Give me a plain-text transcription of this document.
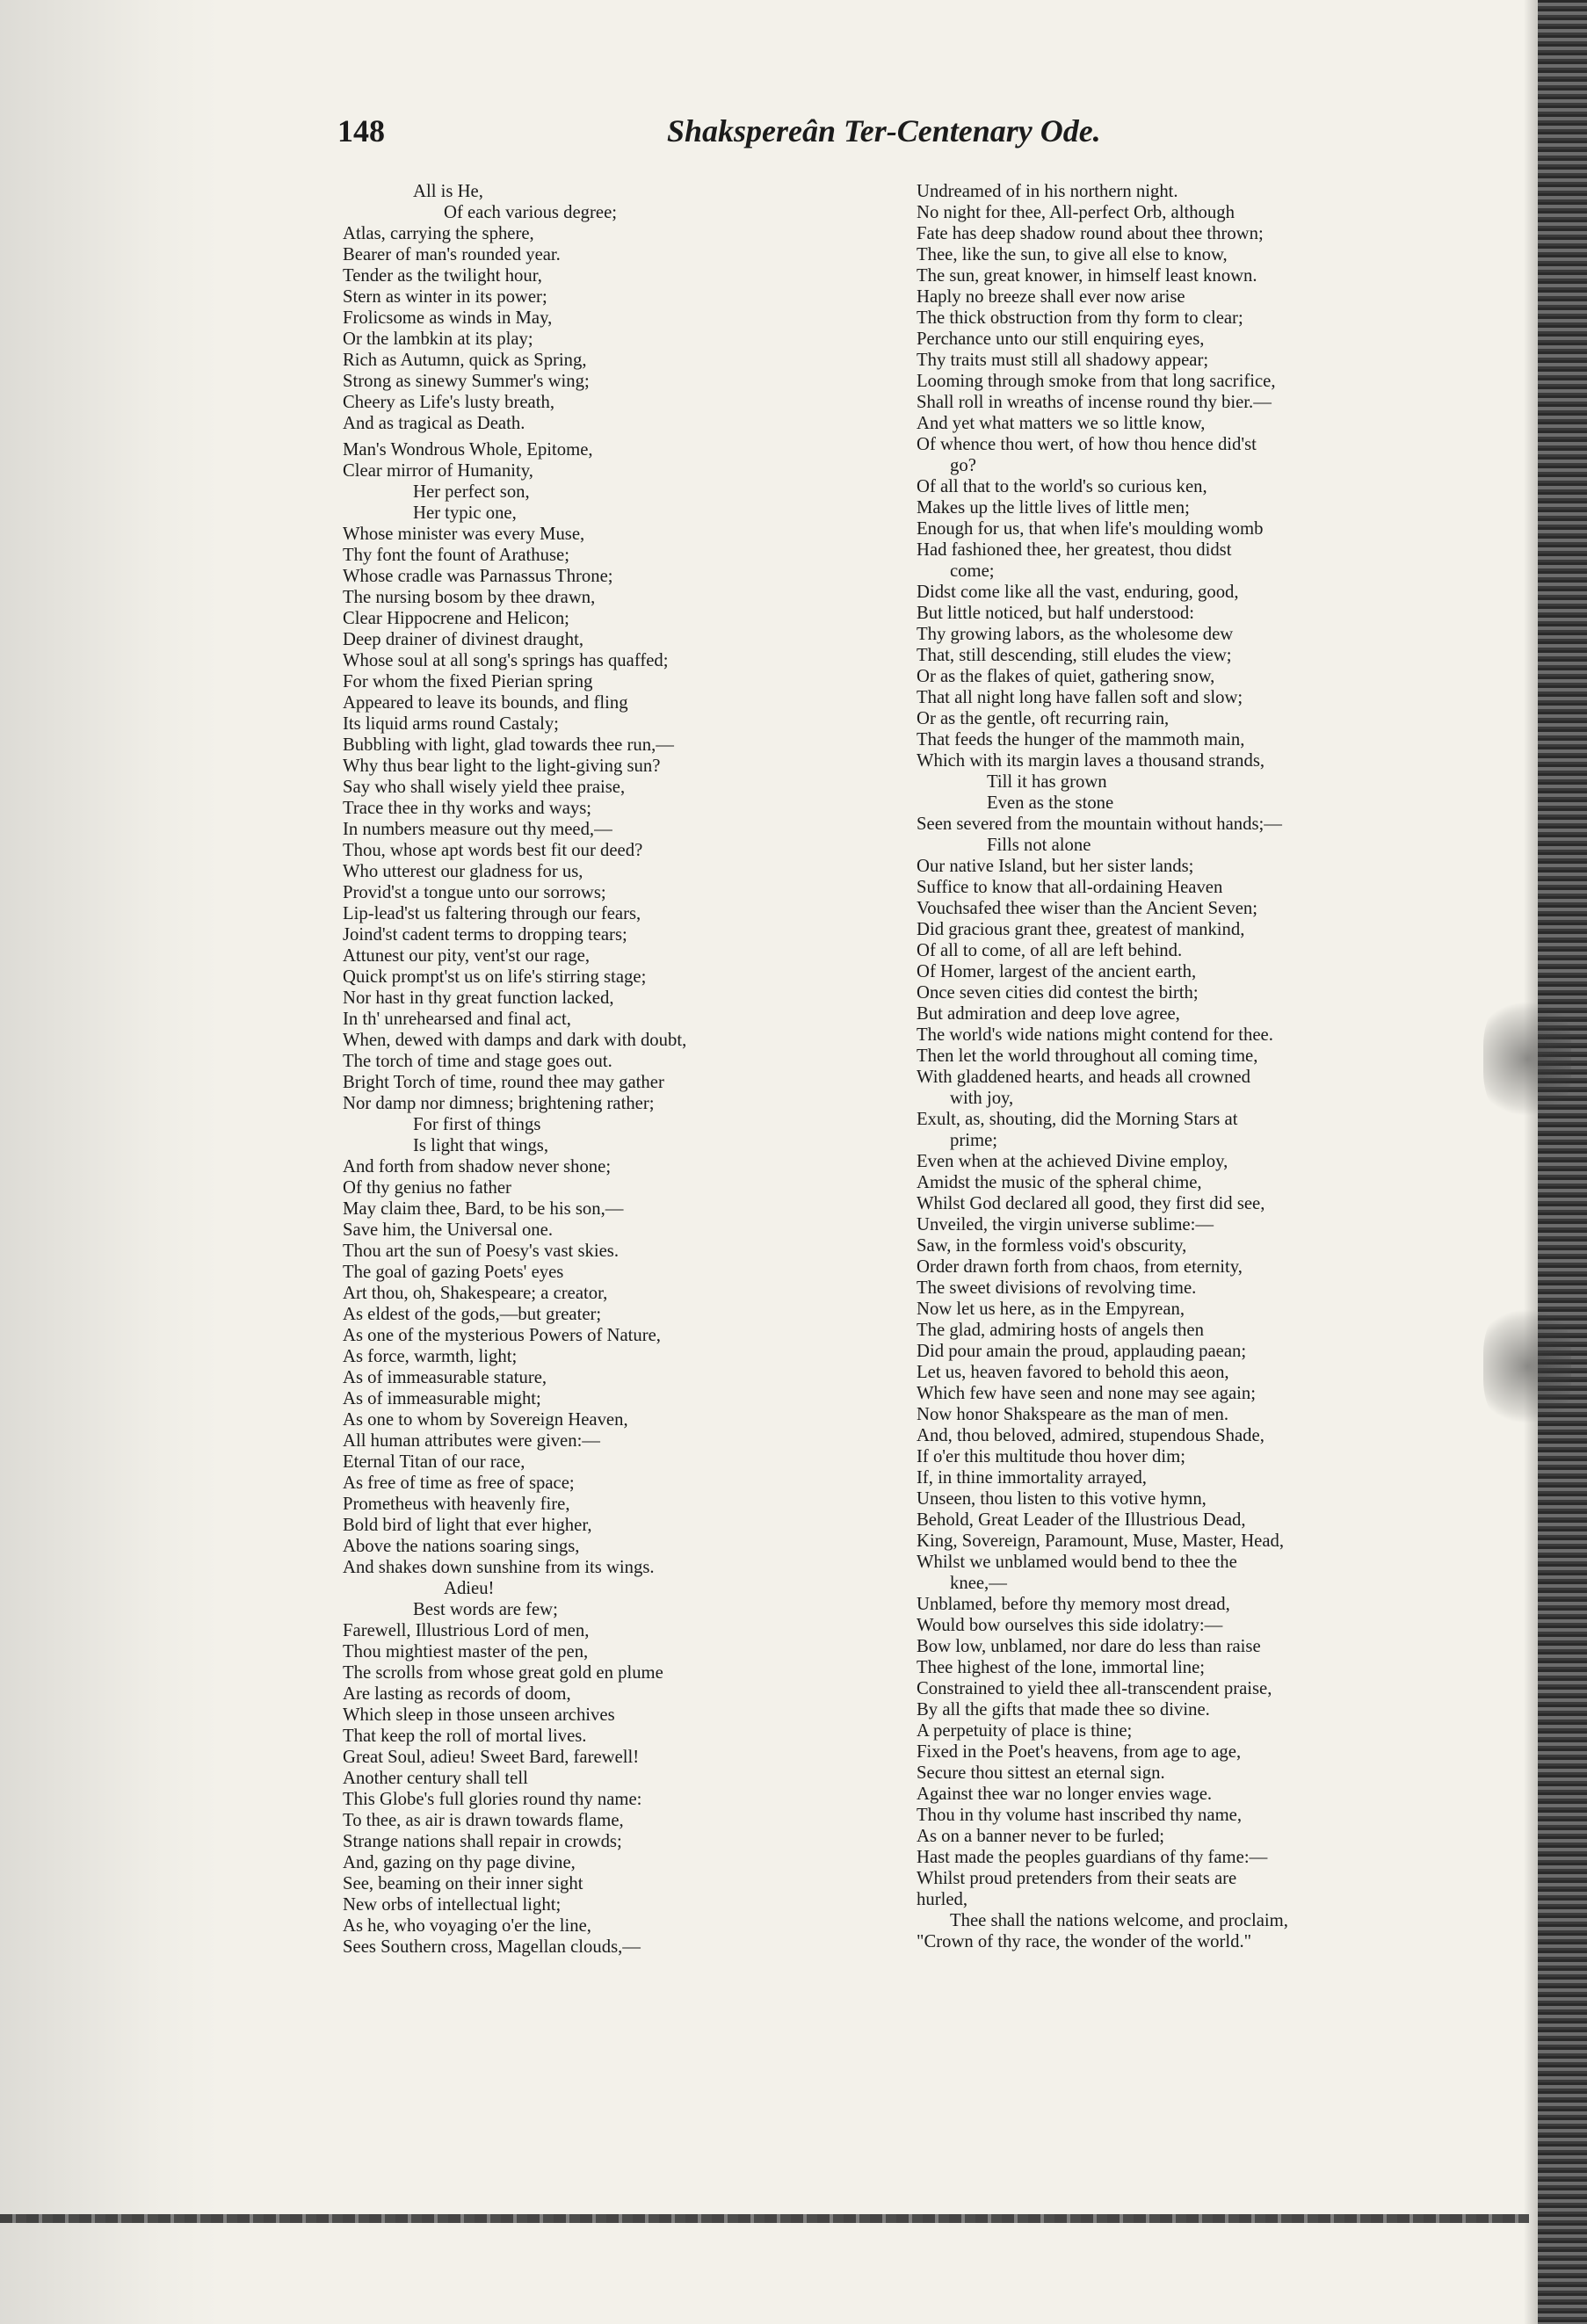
148	Shakspereân Ter-Centenary Ode.
All is He,
Of each various degree;
Atlas, carrying the sphere,
Bearer of man's rounded year.
Tender as the twilight hour,
Stern as winter in its power;
Frolicsome as winds in May,
Or the lambkin at its play;
Rich as Autumn, quick as Spring,
Strong as sinewy Summer's wing;
Cheery as Life's lusty breath,
And as tragical as Death.
Man's Wondrous Whole, Epitome,
Clear mirror of Humanity,
Her perfect son,
Her typic one,
Whose minister was every Muse,
Thy font the fount of Arathuse;
Whose cradle was Parnassus Throne;
The nursing bosom by thee drawn,
Clear Hippocrene and Helicon;
Deep drainer of divinest draught,
Whose soul at all song's springs has quaffed;
For whom the fixed Pierian spring
Appeared to leave its bounds, and fling
Its liquid arms round Castaly;
Bubbling with light, glad towards thee run,—
Why thus bear light to the light-giving sun?
Say who shall wisely yield thee praise,
Trace thee in thy works and ways;
In numbers measure out thy meed,—
Thou, whose apt words best fit our deed?
Who utterest our gladness for us,
Provid'st a tongue unto our sorrows;
Lip-lead'st us faltering through our fears,
Joind'st cadent terms to dropping tears;
Attunest our pity, vent'st our rage,
Quick prompt'st us on life's stirring stage;
Nor hast in thy great function lacked,
In th' unrehearsed and final act,
When, dewed with damps and dark with doubt,
The torch of time and stage goes out.
Bright Torch of time, round thee may gather
Nor damp nor dimness; brightening rather;
For first of things
Is light that wings,
And forth from shadow never shone;
Of thy genius no father
May claim thee, Bard, to be his son,—
Save him, the Universal one.
Thou art the sun of Poesy's vast skies.
The goal of gazing Poets' eyes
Art thou, oh, Shakespeare; a creator,
As eldest of the gods,—but greater;
As one of the mysterious Powers of Nature,
As force, warmth, light;
As of immeasurable stature,
As of immeasurable might;
As one to whom by Sovereign Heaven,
All human attributes were given:—
Eternal Titan of our race,
As free of time as free of space;
Prometheus with heavenly fire,
Bold bird of light that ever higher,
Above the nations soaring sings,
And shakes down sunshine from its wings.
Adieu!
Best words are few;
Farewell, Illustrious Lord of men,
Thou mightiest master of the pen,
The scrolls from whose great gold en plume
Are lasting as records of doom,
Which sleep in those unseen archives
That keep the roll of mortal lives.
Great Soul, adieu! Sweet Bard, farewell!
Another century shall tell
This Globe's full glories round thy name:
To thee, as air is drawn towards flame,
Strange nations shall repair in crowds;
And, gazing on thy page divine,
See, beaming on their inner sight
New orbs of intellectual light;
As he, who voyaging o'er the line,
Sees Southern cross, Magellan clouds,—
Undreamed of in his northern night.
No night for thee, All-perfect Orb, although
Fate has deep shadow round about thee thrown;
Thee, like the sun, to give all else to know,
The sun, great knower, in himself least known.
Haply no breeze shall ever now arise
The thick obstruction from thy form to clear;
Perchance unto our still enquiring eyes,
Thy traits must still all shadowy appear;
Looming through smoke from that long sacrifice,
Shall roll in wreaths of incense round thy bier.—
And yet what matters we so little know,
Of whence thou wert, of how thou hence did'st
go?
Of all that to the world's so curious ken,
Makes up the little lives of little men;
Enough for us, that when life's moulding womb
Had fashioned thee, her greatest, thou didst
come;
Didst come like all the vast, enduring, good,
But little noticed, but half understood:
Thy growing labors, as the wholesome dew
That, still descending, still eludes the view;
Or as the flakes of quiet, gathering snow,
That all night long have fallen soft and slow;
Or as the gentle, oft recurring rain,
That feeds the hunger of the mammoth main,
Which with its margin laves a thousand strands,
Till it has grown
Even as the stone
Seen severed from the mountain without hands;—
Fills not alone
Our native Island, but her sister lands;
Suffice to know that all-ordaining Heaven
Vouchsafed thee wiser than the Ancient Seven;
Did gracious grant thee, greatest of mankind,
Of all to come, of all are left behind.
Of Homer, largest of the ancient earth,
Once seven cities did contest the birth;
But admiration and deep love agree,
The world's wide nations might contend for thee.
Then let the world throughout all coming time,
With gladdened hearts, and heads all crowned
with joy,
Exult, as, shouting, did the Morning Stars at
prime;
Even when at the achieved Divine employ,
Amidst the music of the spheral chime,
Whilst God declared all good, they first did see,
Unveiled, the virgin universe sublime:—
Saw, in the formless void's obscurity,
Order drawn forth from chaos, from eternity,
The sweet divisions of revolving time.
Now let us here, as in the Empyrean,
The glad, admiring hosts of angels then
Did pour amain the proud, applauding paean;
Let us, heaven favored to behold this aeon,
Which few have seen and none may see again;
Now honor Shakspeare as the man of men.
And, thou beloved, admired, stupendous Shade,
If o'er this multitude thou hover dim;
If, in thine immortality arrayed,
Unseen, thou listen to this votive hymn,
Behold, Great Leader of the Illustrious Dead,
King, Sovereign, Paramount, Muse, Master, Head,
Whilst we unblamed would bend to thee the
knee,—
Unblamed, before thy memory most dread,
Would bow ourselves this side idolatry:—
Bow low, unblamed, nor dare do less than raise
Thee highest of the lone, immortal line;
Constrained to yield thee all-transcendent praise,
By all the gifts that made thee so divine.
A perpetuity of place is thine;
Fixed in the Poet's heavens, from age to age,
Secure thou sittest an eternal sign.
Against thee war no longer envies wage.
Thou in thy volume hast inscribed thy name,
As on a banner never to be furled;
Hast made the peoples guardians of thy fame:—
Whilst proud pretenders from their seats are
hurled,
Thee shall the nations welcome, and proclaim,
"Crown of thy race, the wonder of the world."
